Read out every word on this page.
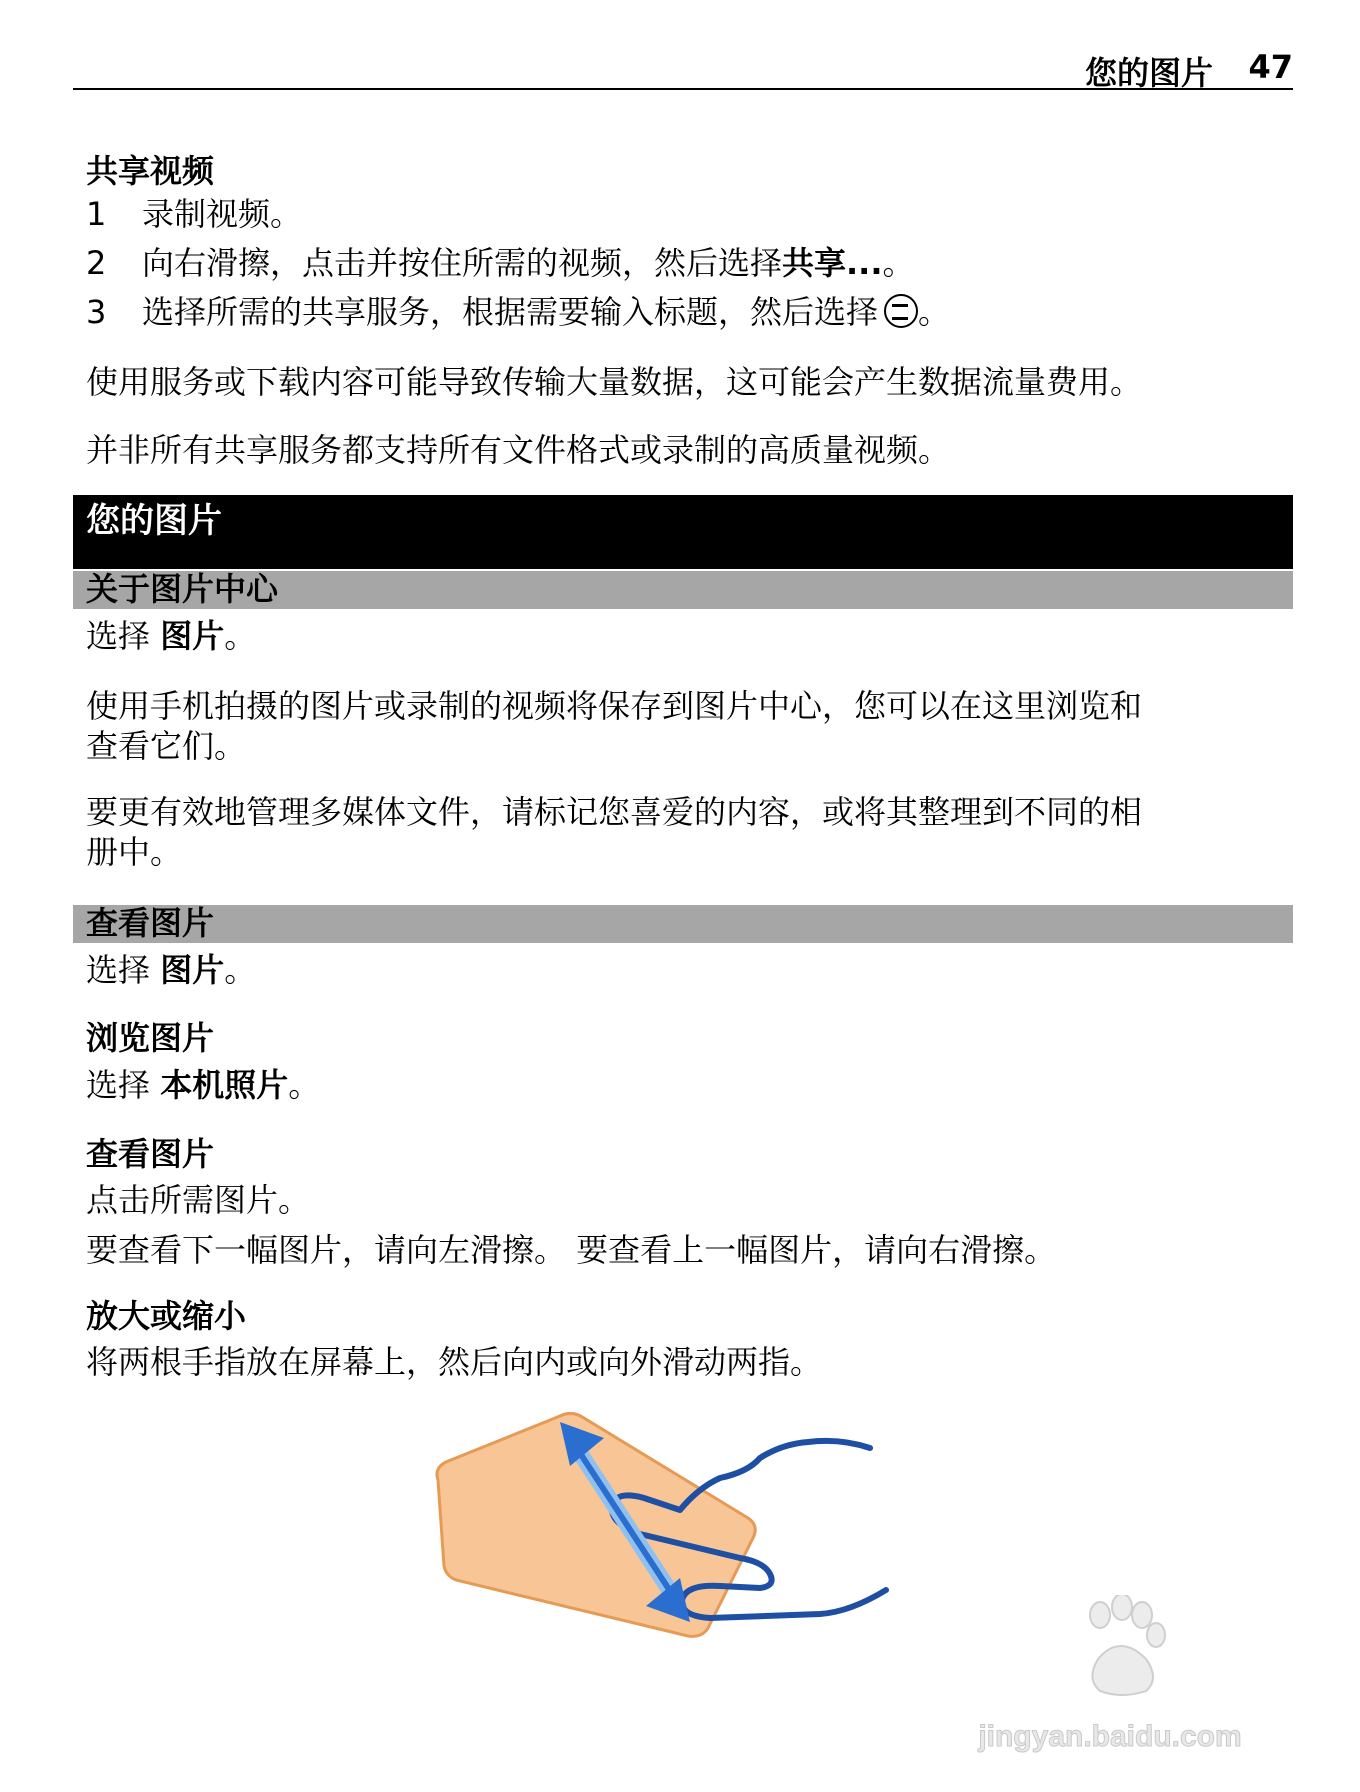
您的图片 47
共享视频
1 录制视频。
2 向右滑擦，点击并按住所需的视频，然后选择共享...。
3 选择所需的共享服务，根据需要输入标题，然后选择 。
使用服务或下载内容可能导致传输大量数据，这可能会产生数据流量费用。
并非所有共享服务都支持所有文件格式或录制的高质量视频。
您的图片
关于图片中心
选择 图片。
使用手机拍摄的图片或录制的视频将保存到图片中心，您可以在这里浏览和
查看它们。
要更有效地管理多媒体文件，请标记您喜爱的内容，或将其整理到不同的相
册中。
查看图片
选择 图片。
浏览图片
选择 本机照片。
查看图片
点击所需图片。
要查看下一幅图片，请向左滑擦。 要查看上一幅图片，请向右滑擦。
放大或缩小
将两根手指放在屏幕上，然后向内或向外滑动两指。
jingyan.baidu.com
